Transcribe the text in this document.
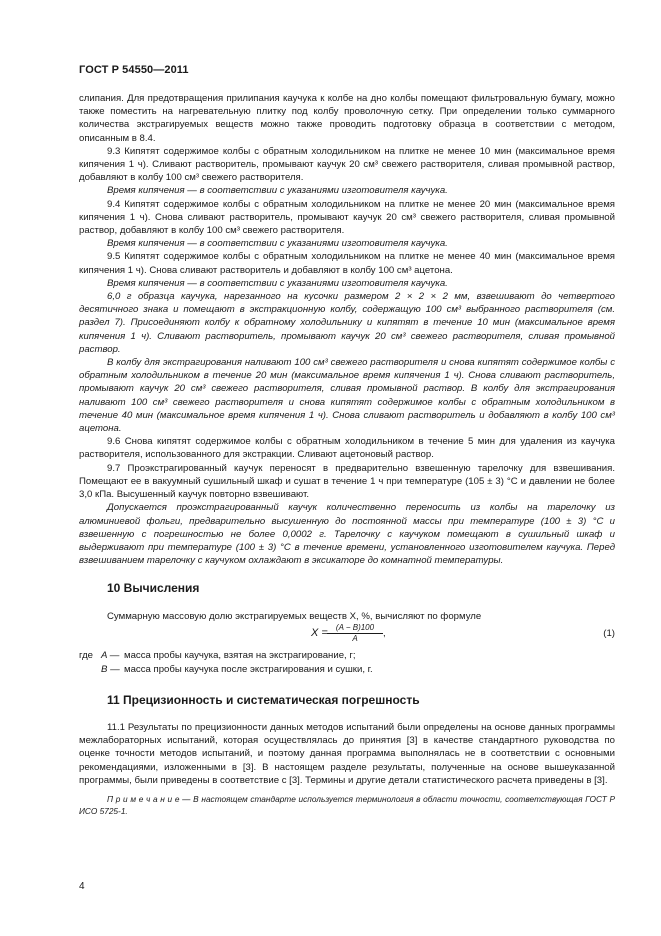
ГОСТ Р 54550—2011

слипания. Для предотвращения прилипания каучука к колбе на дно колбы помещают фильтровальную бумагу, можно также поместить на нагревательную плитку под колбу проволочную сетку. При определении только суммарного количества экстрагируемых веществ можно также проводить подготовку образца в соответствии с методом, описанным в 8.4.

9.3 Кипятят содержимое колбы с обратным холодильником на плитке не менее 10 мин (максимальное время кипячения 1 ч). Сливают растворитель, промывают каучук 20 см³ свежего растворителя, сливая промывной раствор, добавляют в колбу 100 см³ свежего растворителя.

Время кипячения — в соответствии с указаниями изготовителя каучука.

9.4 Кипятят содержимое колбы с обратным холодильником на плитке не менее 20 мин (максимальное время кипячения 1 ч). Снова сливают растворитель, промывают каучук 20 см³ свежего растворителя, сливая промывной раствор, добавляют в колбу 100 см³ свежего растворителя.

Время кипячения — в соответствии с указаниями изготовителя каучука.

9.5 Кипятят содержимое колбы с обратным холодильником на плитке не менее 40 мин (максимальное время кипячения 1 ч). Снова сливают растворитель и добавляют в колбу 100 см³ ацетона.

Время кипячения — в соответствии с указаниями изготовителя каучука.

6,0 г образца каучука, нарезанного на кусочки размером 2 × 2 × 2 мм, взвешивают до четвертого десятичного знака и помещают в экстракционную колбу, содержащую 100 см³ выбранного растворителя (см. раздел 7). Присоединяют колбу к обратному холодильнику и кипятят в течение 10 мин (максимальное время кипячения 1 ч). Сливают растворитель, промывают каучук 20 см³ свежего растворителя, сливая промывной раствор.

В колбу для экстрагирования наливают 100 см³ свежего растворителя и снова кипятят содержимое колбы с обратным холодильником в течение 20 мин (максимальное время кипячения 1 ч). Снова сливают растворитель, промывают каучук 20 см³ свежего растворителя, сливая промывной раствор. В колбу для экстрагирования наливают 100 см³ свежего растворителя и снова кипятят содержимое колбы с обратным холодильником в течение 40 мин (максимальное время кипячения 1 ч). Снова сливают растворитель и добавляют в колбу 100 см³ ацетона.

9.6 Снова кипятят содержимое колбы с обратным холодильником в течение 5 мин для удаления из каучука растворителя, использованного для экстракции. Сливают ацетоновый раствор.

9.7 Проэкстрагированный каучук переносят в предварительно взвешенную тарелочку для взвешивания. Помещают ее в вакуумный сушильный шкаф и сушат в течение 1 ч при температуре (105 ± 3) °С и давлении не более 3,0 кПа. Высушенный каучук повторно взвешивают.

Допускается проэкстрагированный каучук количественно переносить из колбы на тарелочку из алюминиевой фольги, предварительно высушенную до постоянной массы при температуре (100 ± 3) °С и взвешенную с погрешностью не более 0,0002 г. Тарелочку с каучуком помещают в сушильный шкаф и выдерживают при температуре (100 ± 3) °С в течение времени, установленного изготовителем каучука. Перед взвешиванием тарелочку с каучуком охлаждают в эксикаторе до комнатной температуры.

10 Вычисления

Суммарную массовую долю экстрагируемых веществ X, %, вычисляют по формуле

$X = \frac{(A - B)100}{A}$ ,	(1)
где A — масса пробы каучука, взятая на экстрагирование, г;
B — масса пробы каучука после экстрагирования и сушки, г.
11 Прецизионность и систематическая погрешность

11.1 Результаты по прецизионности данных методов испытаний были определены на основе данных программы межлабораторных испытаний, которая осуществлялась до принятия [3] в качестве стандартного руководства по оценке точности методов испытаний, и поэтому данная программа выполнялась не в соответствии с основными рекомендациями, изложенными в [3]. В настоящем разделе результаты, полученные на основе вышеуказанной программы, были приведены в соответствие с [3]. Термины и другие детали статистического расчета приведены в [3].

П р и м е ч а н и е — В настоящем стандарте используется терминология в области точности, соответствующая ГОСТ Р ИСО 5725-1.

4
